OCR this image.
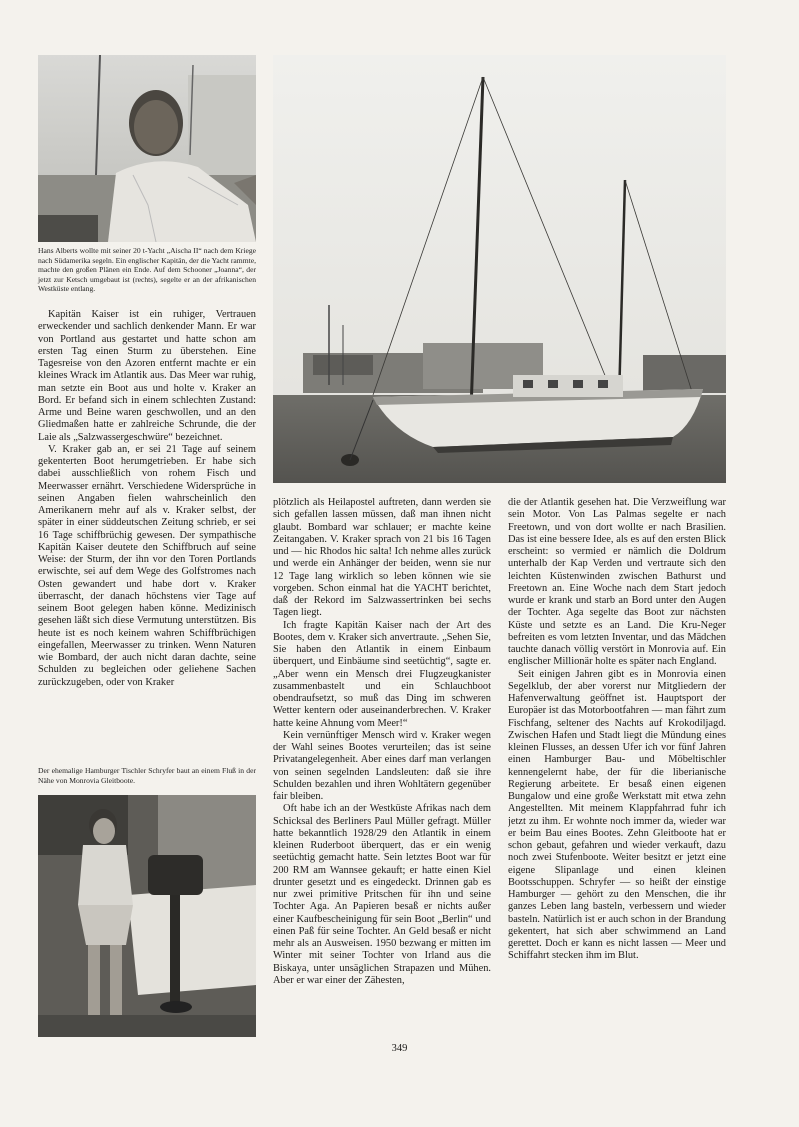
Hans Alberts wollte mit seiner 20 t-Yacht „Aischa II“ nach dem Kriege nach Südamerika segeln. Ein englischer Kapitän, der die Yacht rammte, machte den großen Plänen ein Ende. Auf dem Schooner „Joanna“, der jetzt zur Ketsch umgebaut ist (rechts), segelte er an der afrikanischen Westküste entlang.
Der ehemalige Hamburger Tischler Schryfer baut an einem Fluß in der Nähe von Monrovia Gleitboote.

Kapitän Kaiser ist ein ruhiger, Vertrauen erweckender und sachlich denkender Mann. Er war von Portland aus gestartet und hatte schon am ersten Tag einen Sturm zu überstehen. Eine Tagesreise von den Azoren entfernt machte er ein kleines Wrack im Atlantik aus. Das Meer war ruhig, man setzte ein Boot aus und holte v. Kraker an Bord. Er befand sich in einem schlechten Zustand: Arme und Beine waren geschwollen, und an den Gliedmaßen hatte er zahlreiche Schrunde, die der Laie als „Salzwassergeschwüre“ bezeichnet.

V. Kraker gab an, er sei 21 Tage auf seinem gekenterten Boot herumgetrieben. Er habe sich dabei ausschließlich von rohem Fisch und Meerwasser ernährt. Verschiedene Widersprüche in seinen Angaben fielen wahrscheinlich den Amerikanern mehr auf als v. Kraker selbst, der später in einer süddeutschen Zeitung schrieb, er sei 16 Tage schiffbrüchig gewesen. Der sympathische Kapitän Kaiser deutete den Schiffbruch auf seine Weise: der Sturm, der ihn vor den Toren Portlands erwischte, sei auf dem Wege des Golfstromes nach Osten gewandert und habe dort v. Kraker überrascht, der danach höchstens vier Tage auf seinem Boot gelegen haben könne. Medizinisch gesehen läßt sich diese Vermutung unterstützen. Bis heute ist es noch keinem wahren Schiffbrüchigen eingefallen, Meerwasser zu trinken. Wenn Naturen wie Bombard, der auch nicht daran dachte, seine Schulden zu begleichen oder geliehene Sachen zurückzugeben, oder von Kraker

plötzlich als Heilapostel auftreten, dann werden sie sich gefallen lassen müssen, daß man ihnen nicht glaubt. Bombard war schlauer; er machte keine Zeitangaben. V. Kraker sprach von 21 bis 16 Tagen und — hic Rhodos hic salta! Ich nehme alles zurück und werde ein Anhänger der beiden, wenn sie nur 12 Tage lang wirklich so leben können wie sie vorgeben. Schon einmal hat die YACHT berichtet, daß der Rekord im Salzwassertrinken bei sechs Tagen liegt.

Ich fragte Kapitän Kaiser nach der Art des Bootes, dem v. Kraker sich anvertraute. „Sehen Sie, Sie haben den Atlantik in einem Einbaum überquert, und Einbäume sind seetüchtig“, sagte er. „Aber wenn ein Mensch drei Flugzeugkanister zusammenbastelt und ein Schlauchboot obendraufsetzt, so muß das Ding im schweren Wetter kentern oder auseinanderbrechen. V. Kraker hatte keine Ahnung vom Meer!“

Kein vernünftiger Mensch wird v. Kraker wegen der Wahl seines Bootes verurteilen; das ist seine Privatangelegenheit. Aber eines darf man verlangen von seinen segelnden Landsleuten: daß sie ihre Schulden bezahlen und ihren Wohltätern gegenüber fair bleiben.

Oft habe ich an der Westküste Afrikas nach dem Schicksal des Berliners Paul Müller gefragt. Müller hatte bekanntlich 1928/29 den Atlantik in einem kleinen Ruderboot überquert, das er ein wenig seetüchtig gemacht hatte. Sein letztes Boot war für 200 RM am Wannsee gekauft; er hatte einen Kiel drunter gesetzt und es eingedeckt. Drinnen gab es nur zwei primitive Pritschen für ihn und seine Tochter Aga. An Papieren besaß er nichts außer einer Kaufbescheinigung für sein Boot „Berlin“ und einen Paß für seine Tochter. An Geld besaß er nicht mehr als an Ausweisen. 1950 bezwang er mitten im Winter mit seiner Tochter von Irland aus die Biskaya, unter unsäglichen Strapazen und Mühen. Aber er war einer der Zähesten,

die der Atlantik gesehen hat. Die Verzweiflung war sein Motor. Von Las Palmas segelte er nach Freetown, und von dort wollte er nach Brasilien. Das ist eine bessere Idee, als es auf den ersten Blick erscheint: so vermied er nämlich die Doldrum unterhalb der Kap Verden und vertraute sich den leichten Küstenwinden zwischen Bathurst und Freetown an. Eine Woche nach dem Start jedoch wurde er krank und starb an Bord unter den Augen der Tochter. Aga segelte das Boot zur nächsten Küste und setzte es an Land. Die Kru-Neger befreiten es vom letzten Inventar, und das Mädchen tauchte danach völlig verstört in Monrovia auf. Ein englischer Millionär holte es später nach England.

Seit einigen Jahren gibt es in Monrovia einen Segelklub, der aber vorerst nur Mitgliedern der Hafenverwaltung geöffnet ist. Hauptsport der Europäer ist das Motorbootfahren — man fährt zum Fischfang, seltener des Nachts auf Krokodiljagd. Zwischen Hafen und Stadt liegt die Mündung eines kleinen Flusses, an dessen Ufer ich vor fünf Jahren einen Hamburger Bau- und Möbeltischler kennengelernt habe, der für die liberianische Regierung arbeitete. Er besaß einen eigenen Bungalow und eine große Werkstatt mit etwa zehn Angestellten. Mit meinem Klappfahrrad fuhr ich jetzt zu ihm. Er wohnte noch immer da, wieder war er beim Bau eines Bootes. Zehn Gleitboote hat er schon gebaut, gefahren und wieder verkauft, dazu noch zwei Stufenboote. Weiter besitzt er jetzt eine eigene Slipanlage und einen kleinen Bootsschuppen. Schryfer — so heißt der einstige Hamburger — gehört zu den Menschen, die ihr ganzes Leben lang basteln, verbessern und wieder basteln. Natürlich ist er auch schon in der Brandung gekentert, hat sich aber schwimmend an Land gerettet. Doch er kann es nicht lassen — Meer und Schiffahrt stecken ihm im Blut.

349
